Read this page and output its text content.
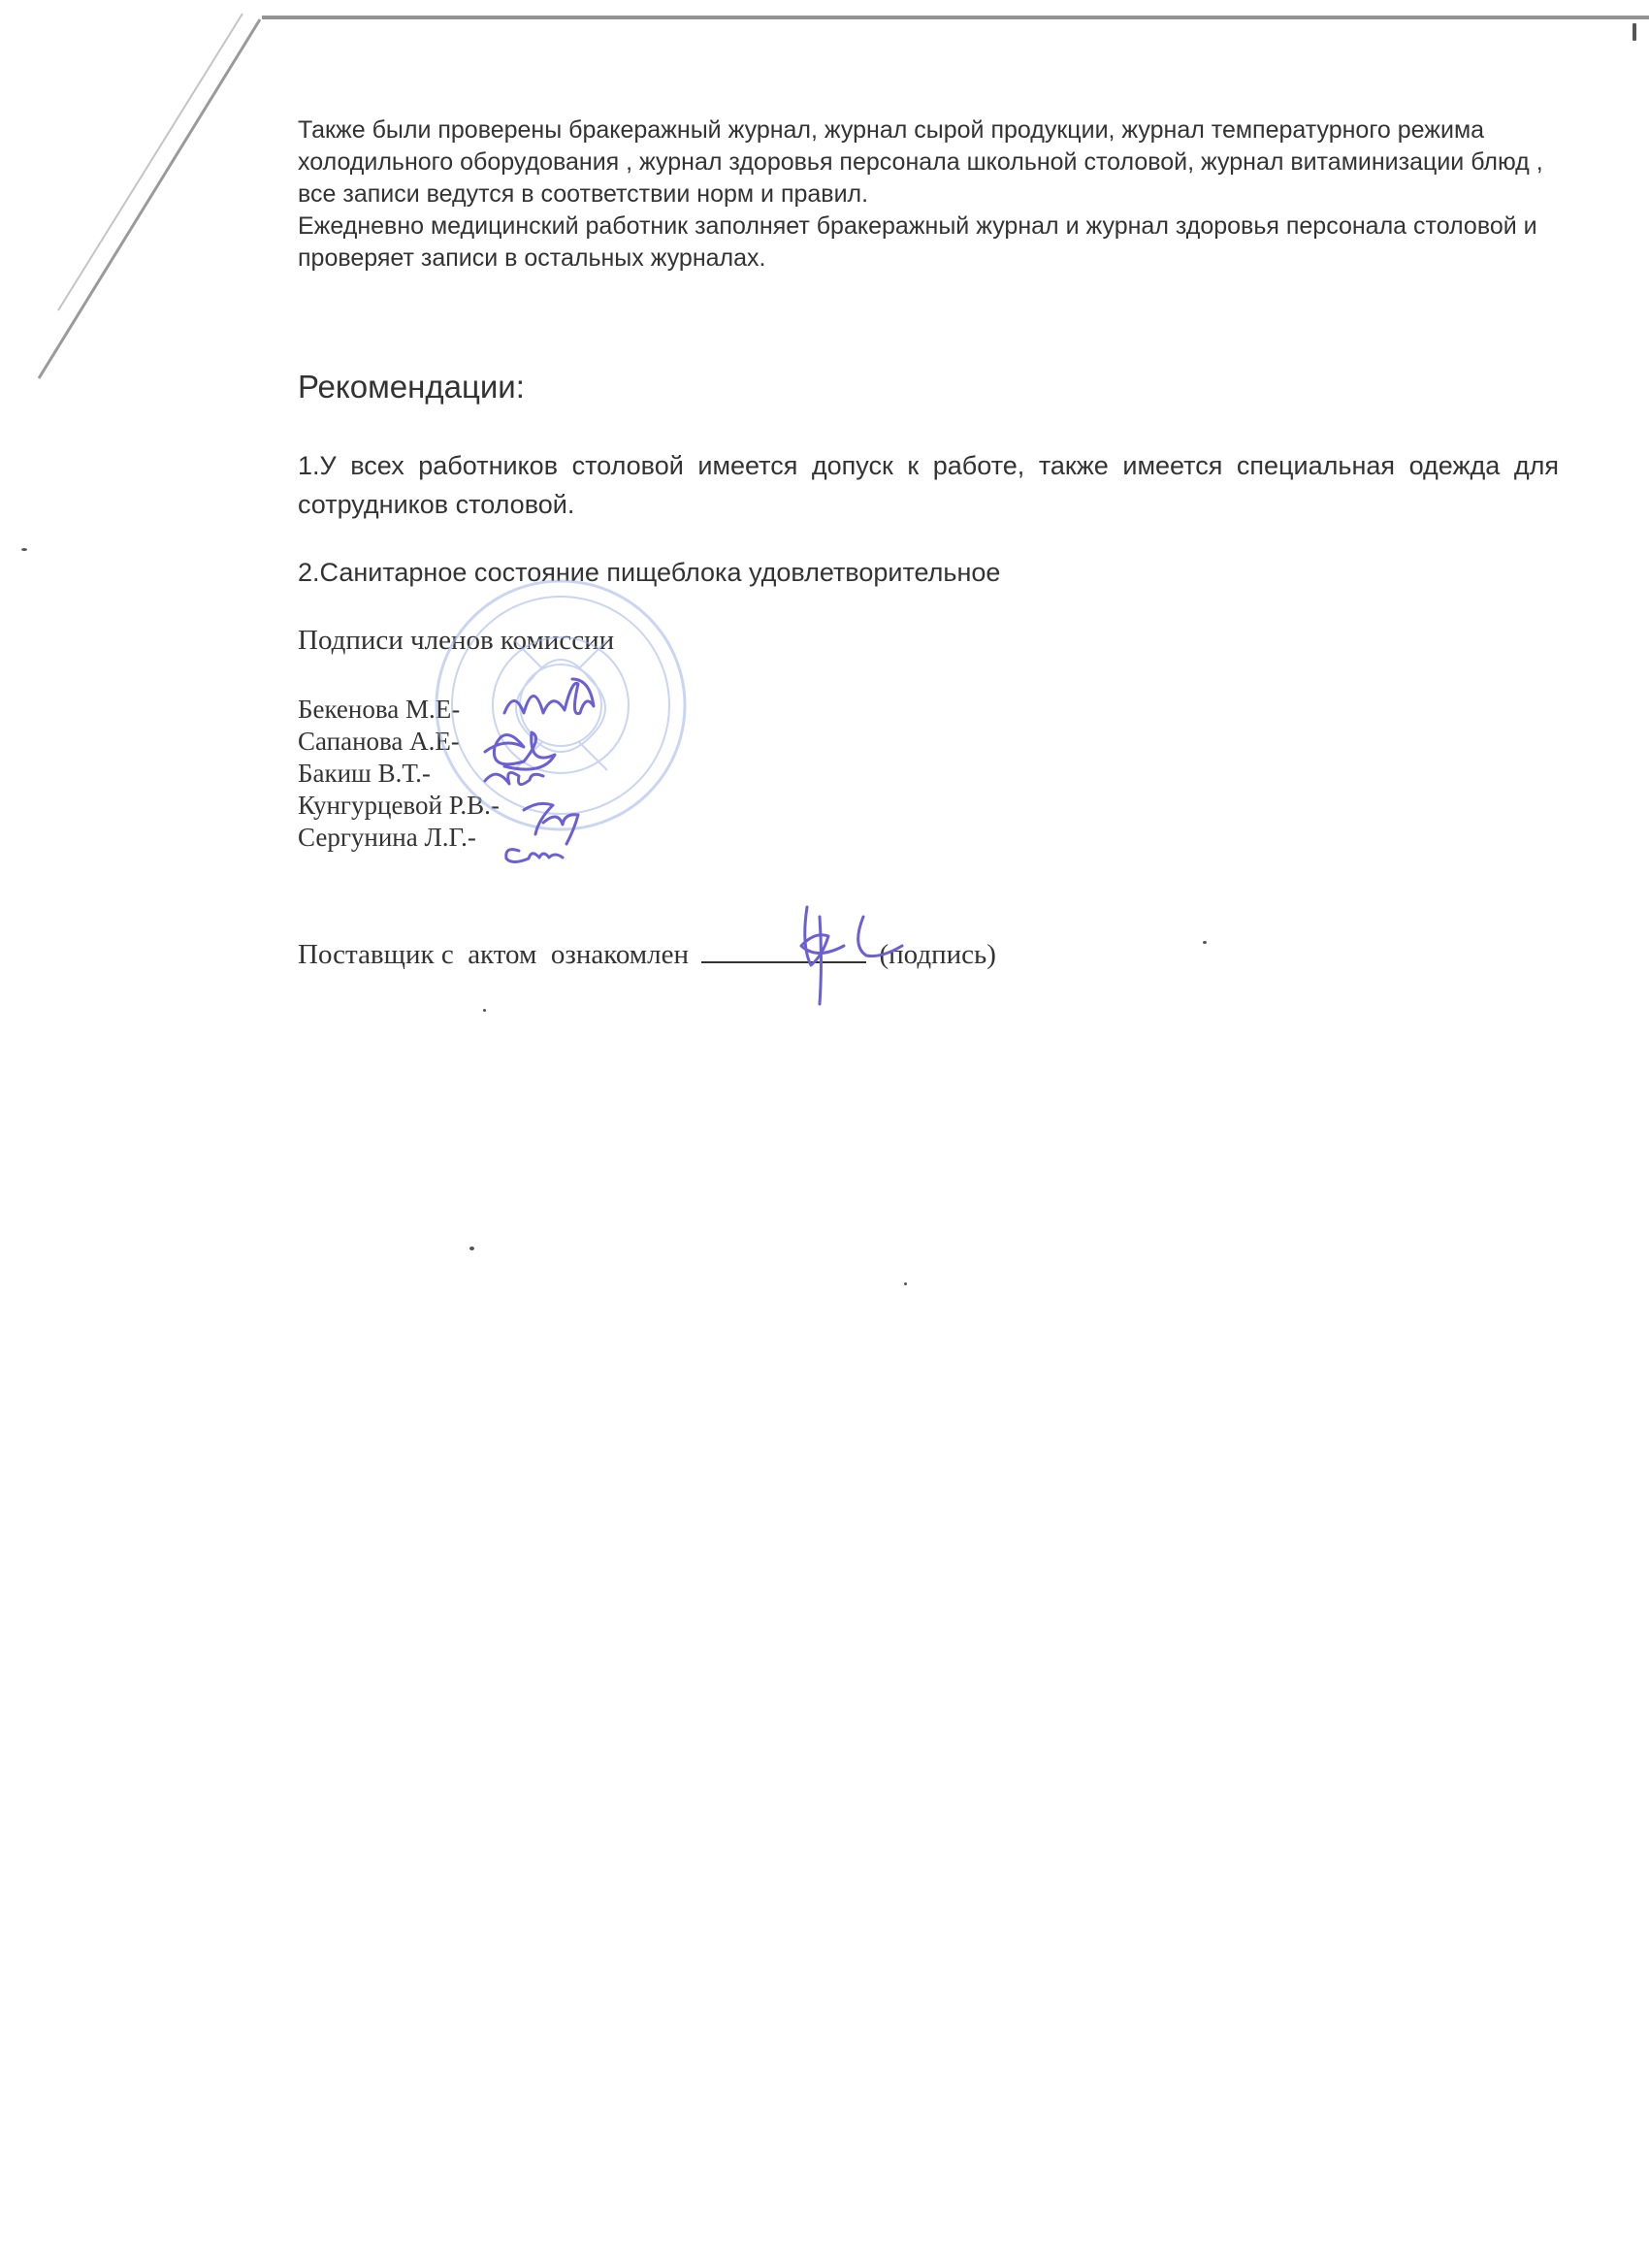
Также были проверены бракеражный журнал, журнал сырой продукции, журнал температурного режима холодильного оборудования , журнал здоровья персонала школьной столовой, журнал витаминизации блюд , все записи ведутся в соответствии норм и правил.

Ежедневно медицинский работник заполняет бракеражный журнал и журнал здоровья персонала столовой и проверяет записи в остальных журналах.

Рекомендации:

1.У всех работников столовой имеется допуск к работе, также имеется специальная одежда для сотрудников столовой.

2.Санитарное состояние пищеблока удовлетворительное

Подписи членов комиссии

Бекенова М.Е-
Сапанова А.Е-
Бакиш В.Т.-
Кунгурцевой Р.В.-
Сергунина Л.Г.-

Поставщик с  актом  ознакомлен	(подпись)
